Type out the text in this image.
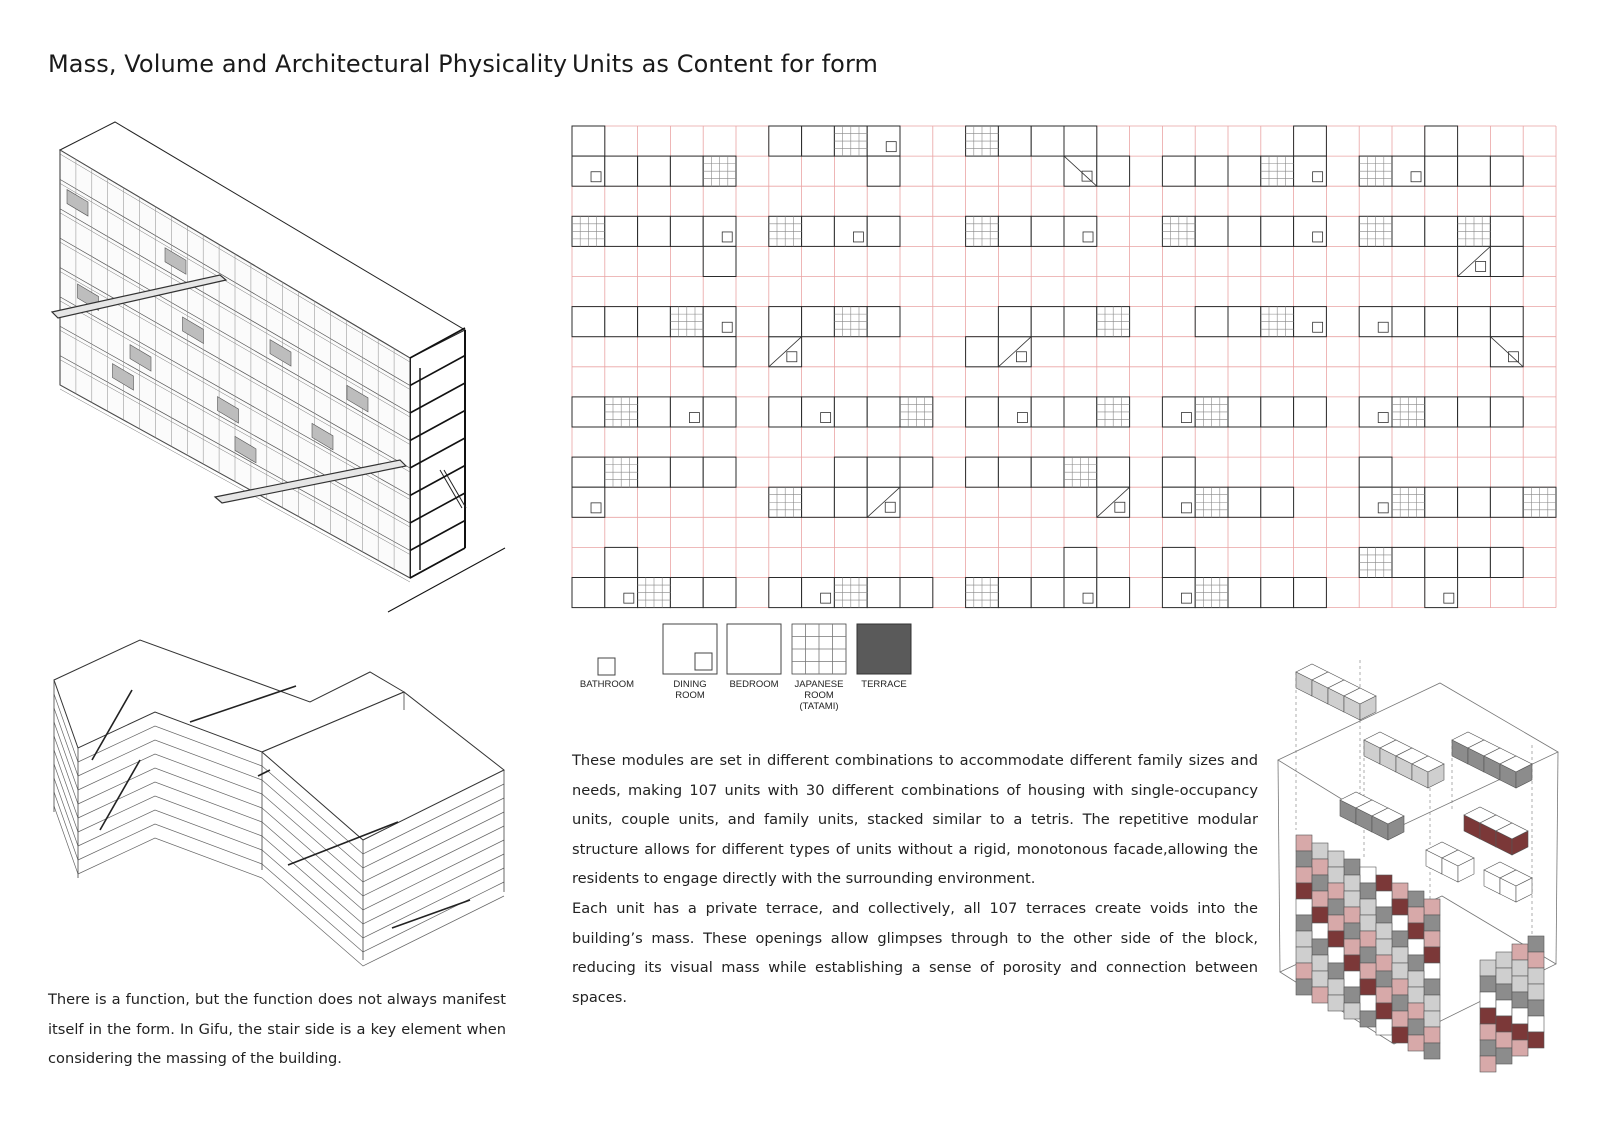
Mass, Volume and Architectural Physicality Units as Content for form

There is a function, but the function does not always manifest itself in the form. In Gifu, the stair side is a key element when considering the massing of the building.

BATHROOM	DINING ROOM
BEDROOM	JAPANESE ROOM (TATAMI)
TERRACE

These modules are set in different combinations to accommodate different family sizes and needs, making 107 units with 30 different combinations of housing with single-occupancy units, couple units, and family units, stacked similar to a tetris. The repetitive modular structure allows for different types of units without a rigid, monotonous facade,allowing the residents to engage directly with the surrounding environment.
Each unit has a private terrace, and collectively, all 107 terraces create voids into the building’s mass. These openings allow glimpses through to the other side of the block, reducing its visual mass while establishing a sense of porosity and connection between spaces.
